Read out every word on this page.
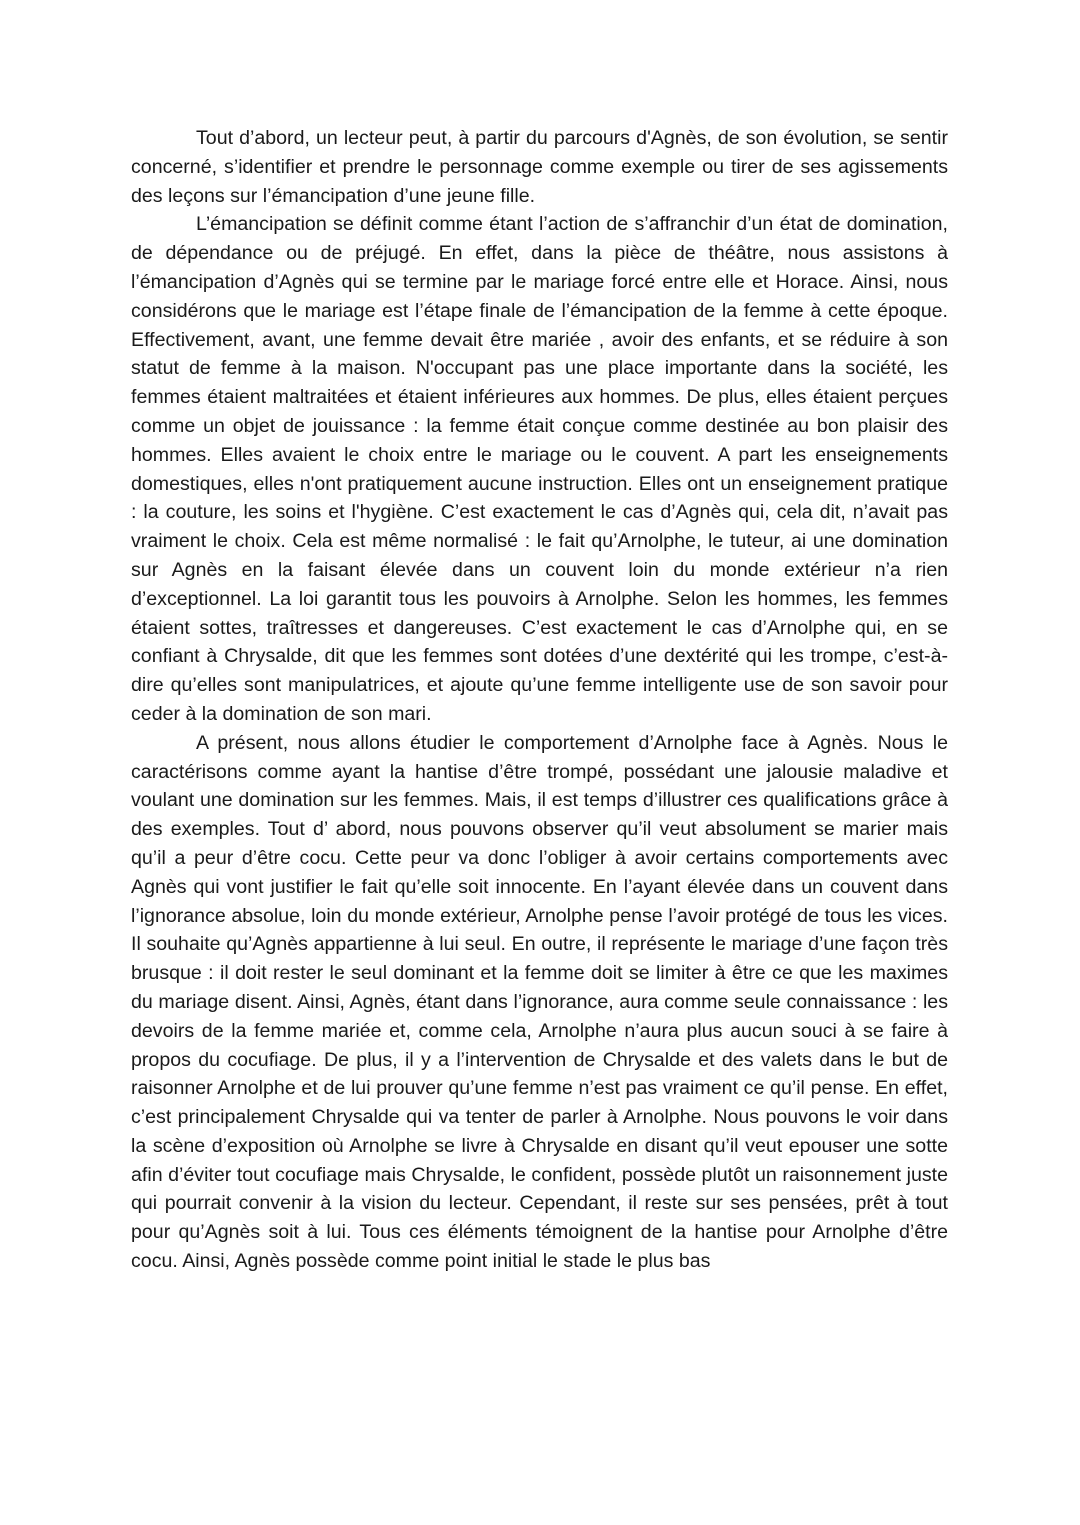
Tout d’abord, un lecteur peut, à partir du parcours d'Agnès, de son évolution, se sentir concerné, s’identifier et prendre le personnage comme exemple ou tirer de ses agissements des leçons sur l’émancipation d’une jeune fille.

L’émancipation se définit comme étant l’action de s’affranchir d’un état de domination, de dépendance ou de préjugé. En effet, dans la pièce de théâtre, nous assistons à l’émancipation d’Agnès qui se termine par le mariage forcé entre elle et Horace. Ainsi, nous considérons que le mariage est l’étape finale de l’émancipation de la femme à cette époque. Effectivement, avant, une femme devait être mariée , avoir des enfants, et se réduire à son statut de femme à la maison. N'occupant pas une place importante dans la société, les femmes étaient maltraitées et étaient inférieures aux hommes. De plus, elles étaient perçues comme un objet de jouissance : la femme était conçue comme destinée au bon plaisir des hommes. Elles avaient le choix entre le mariage ou le couvent. A part les enseignements domestiques, elles n'ont pratiquement aucune instruction. Elles ont un enseignement pratique : la couture, les soins et l'hygiène. C’est exactement le cas d’Agnès qui, cela dit, n’avait pas vraiment le choix. Cela est même normalisé : le fait qu’Arnolphe, le tuteur, ai une domination sur Agnès en la faisant élevée dans un couvent loin du monde extérieur n’a rien d’exceptionnel. La loi garantit tous les pouvoirs à Arnolphe. Selon les hommes, les femmes étaient sottes, traîtresses et dangereuses. C’est exactement le cas d’Arnolphe qui, en se confiant à Chrysalde, dit que les femmes sont dotées d’une dextérité qui les trompe, c’est-à-dire qu’elles sont manipulatrices, et ajoute qu’une femme intelligente use de son savoir pour ceder à la domination de son mari.

A présent, nous allons étudier le comportement d’Arnolphe face à Agnès. Nous le caractérisons comme ayant la hantise d’être trompé, possédant une jalousie maladive et voulant une domination sur les femmes. Mais, il est temps d’illustrer ces qualifications grâce à des exemples. Tout d’ abord, nous pouvons observer qu’il veut absolument se marier mais qu’il a peur d’être cocu. Cette peur va donc l’obliger à avoir certains comportements avec Agnès qui vont justifier le fait qu’elle soit innocente. En l’ayant élevée dans un couvent dans l’ignorance absolue, loin du monde extérieur, Arnolphe pense l’avoir protégé de tous les vices. Il souhaite qu’Agnès appartienne à lui seul. En outre, il représente le mariage d’une façon très brusque : il doit rester le seul dominant et la femme doit se limiter à être ce que les maximes du mariage disent. Ainsi, Agnès, étant dans l’ignorance, aura comme seule connaissance : les devoirs de la femme mariée et, comme cela, Arnolphe n’aura plus aucun souci à se faire à propos du cocufiage. De plus, il y a l’intervention de Chrysalde et des valets dans le but de raisonner Arnolphe et de lui prouver qu’une femme n’est pas vraiment ce qu’il pense. En effet, c’est principalement Chrysalde qui va tenter de parler à Arnolphe. Nous pouvons le voir dans la scène d’exposition où Arnolphe se livre à Chrysalde en disant qu’il veut epouser une sotte afin d’éviter tout cocufiage mais Chrysalde, le confident, possède plutôt un raisonnement juste qui pourrait convenir à la vision du lecteur. Cependant, il reste sur ses pensées, prêt à tout pour qu’Agnès soit à lui. Tous ces éléments témoignent de la hantise pour Arnolphe d’être cocu. Ainsi, Agnès possède comme point initial le stade le plus bas
